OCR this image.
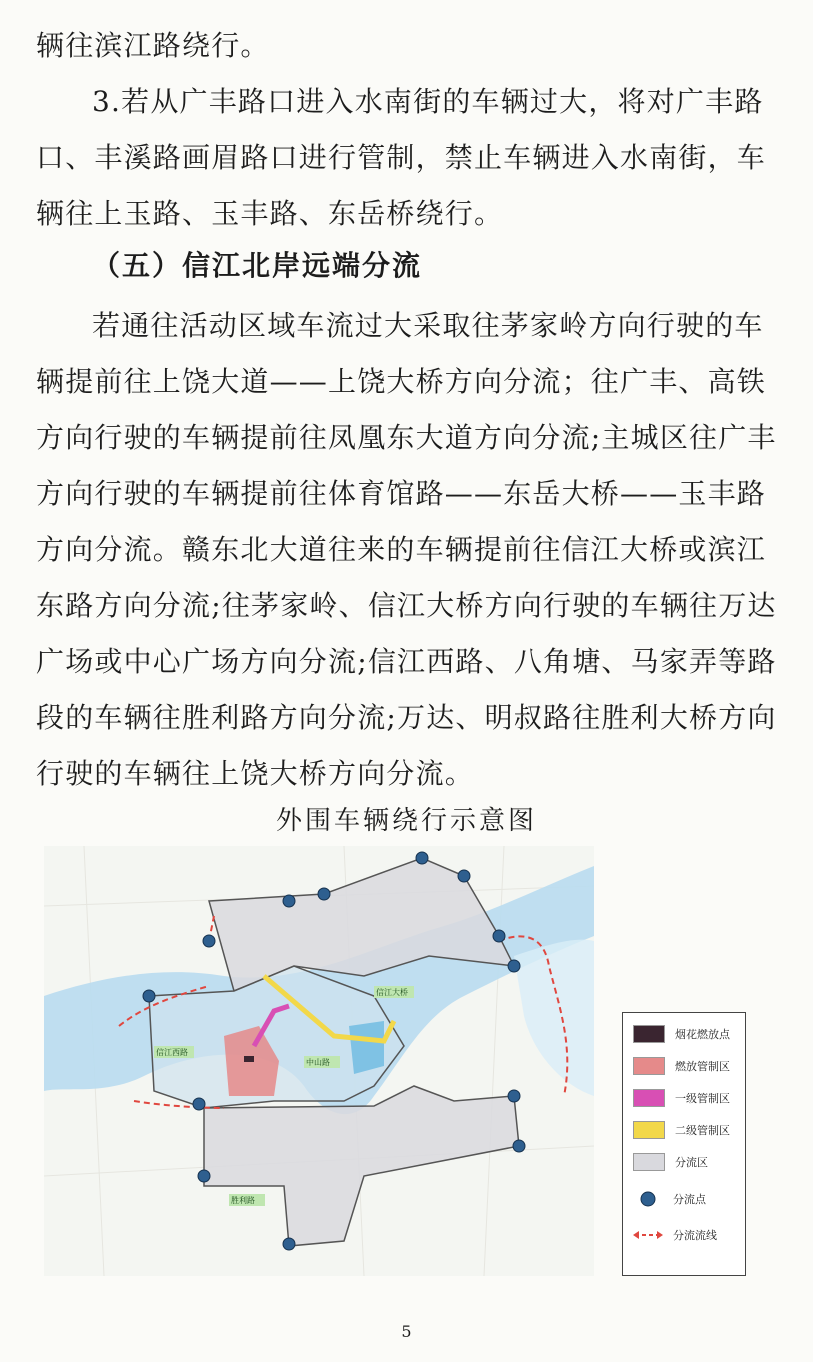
辆往滨江路绕行。

3.若从广丰路口进入水南街的车辆过大，将对广丰路口、丰溪路画眉路口进行管制，禁止车辆进入水南街，车辆往上玉路、玉丰路、东岳桥绕行。

（五）信江北岸远端分流

若通往活动区域车流过大采取往茅家岭方向行驶的车辆提前往上饶大道——上饶大桥方向分流；往广丰、高铁方向行驶的车辆提前往凤凰东大道方向分流;主城区往广丰方向行驶的车辆提前往体育馆路——东岳大桥——玉丰路方向分流。赣东北大道往来的车辆提前往信江大桥或滨江东路方向分流;往茅家岭、信江大桥方向行驶的车辆往万达广场或中心广场方向分流;信江西路、八角塘、马家弄等路段的车辆往胜利路方向分流;万达、明叔路往胜利大桥方向行驶的车辆往上饶大桥方向分流。

外围车辆绕行示意图
信江西路
中山路
信江大桥
胜利路
烟花燃放点
燃放管制区
一级管制区
二级管制区
分流区
分流点
分流流线
5
